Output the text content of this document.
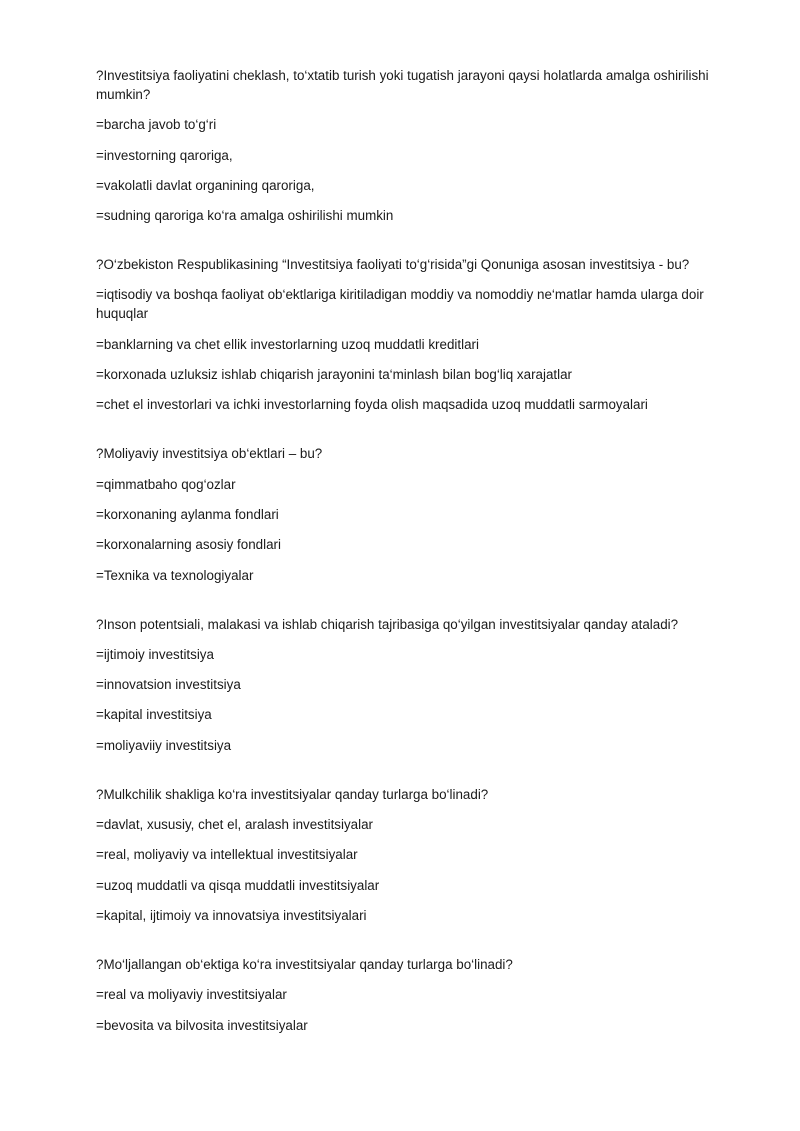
?Investitsiya faoliyatini cheklash, to‘xtatib turish yoki tugatish jarayoni qaysi holatlarda amalga oshirilishi mumkin?
=barcha javob to‘g‘ri
=investorning qaroriga,
=vakolatli davlat organining qaroriga,
=sudning qaroriga ko‘ra amalga oshirilishi mumkin
?O‘zbekiston Respublikasining “Investitsiya faoliyati to‘g‘risida”gi Qonuniga asosan investitsiya - bu?
=iqtisodiy va boshqa faoliyat ob‘ektlariga kiritiladigan moddiy va nomoddiy ne‘matlar hamda ularga doir huquqlar
=banklarning va chet ellik investorlarning uzoq muddatli kreditlari
=korxonada uzluksiz ishlab chiqarish jarayonini ta‘minlash bilan bog‘liq xarajatlar
=chet el investorlari va ichki investorlarning foyda olish maqsadida uzoq muddatli sarmoyalari
?Moliyaviy investitsiya ob‘ektlari – bu?
=qimmatbaho qog‘ozlar
=korxonaning aylanma fondlari
=korxonalarning asosiy fondlari
=Texnika va texnologiyalar
?Inson potentsiali, malakasi va ishlab chiqarish tajribasiga qo‘yilgan investitsiyalar qanday ataladi?
=ijtimoiy investitsiya
=innovatsion investitsiya
=kapital investitsiya
=moliyaviiy investitsiya
?Mulkchilik shakliga ko‘ra investitsiyalar qanday turlarga bo‘linadi?
=davlat, xususiy, chet el, aralash investitsiyalar
=real, moliyaviy va intellektual investitsiyalar
=uzoq muddatli va qisqa muddatli investitsiyalar
=kapital, ijtimoiy va innovatsiya investitsiyalari
?Mo‘ljallangan ob‘ektiga ko‘ra investitsiyalar qanday turlarga bo‘linadi?
=real va moliyaviy investitsiyalar
=bevosita va bilvosita investitsiyalar
